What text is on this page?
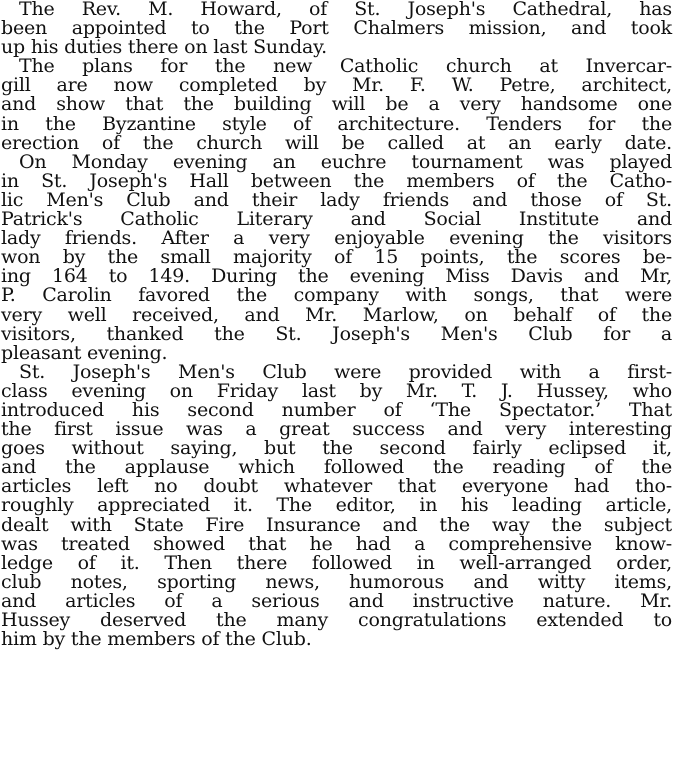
The Rev. M. Howard, of St. Joseph's Cathedral, has
been appointed to the Port Chalmers mission, and took
up his duties there on last Sunday.
The plans for the new Catholic church at Invercar-
gill are now completed by Mr. F. W. Petre, architect,
and show that the building will be a very handsome one
in the Byzantine style of architecture. Tenders for the
erection of the church will be called at an early date.
On Monday evening an euchre tournament was played
in St. Joseph's Hall between the members of the Catho-
lic Men's Club and their lady friends and those of St.
Patrick's Catholic Literary and Social Institute and
lady friends. After a very enjoyable evening the visitors
won by the small majority of 15 points, the scores be-
ing 164 to 149. During the evening Miss Davis and Mr,
P. Carolin favored the company with songs, that were
very well received, and Mr. Marlow, on behalf of the
visitors, thanked the St. Joseph's Men's Club for a
pleasant evening.
St. Joseph's Men's Club were provided with a first-
class evening on Friday last by Mr. T. J. Hussey, who
introduced his second number of ‘The Spectator.’ That
the first issue was a great success and very interesting
goes without saying, but the second fairly eclipsed it,
and the applause which followed the reading of the
articles left no doubt whatever that everyone had tho-
roughly appreciated it. The editor, in his leading article,
dealt with State Fire Insurance and the way the subject
was treated showed that he had a comprehensive know-
ledge of it. Then there followed in well-arranged order,
club notes, sporting news, humorous and witty items,
and articles of a serious and instructive nature. Mr.
Hussey deserved the many congratulations extended to
him by the members of the Club.
